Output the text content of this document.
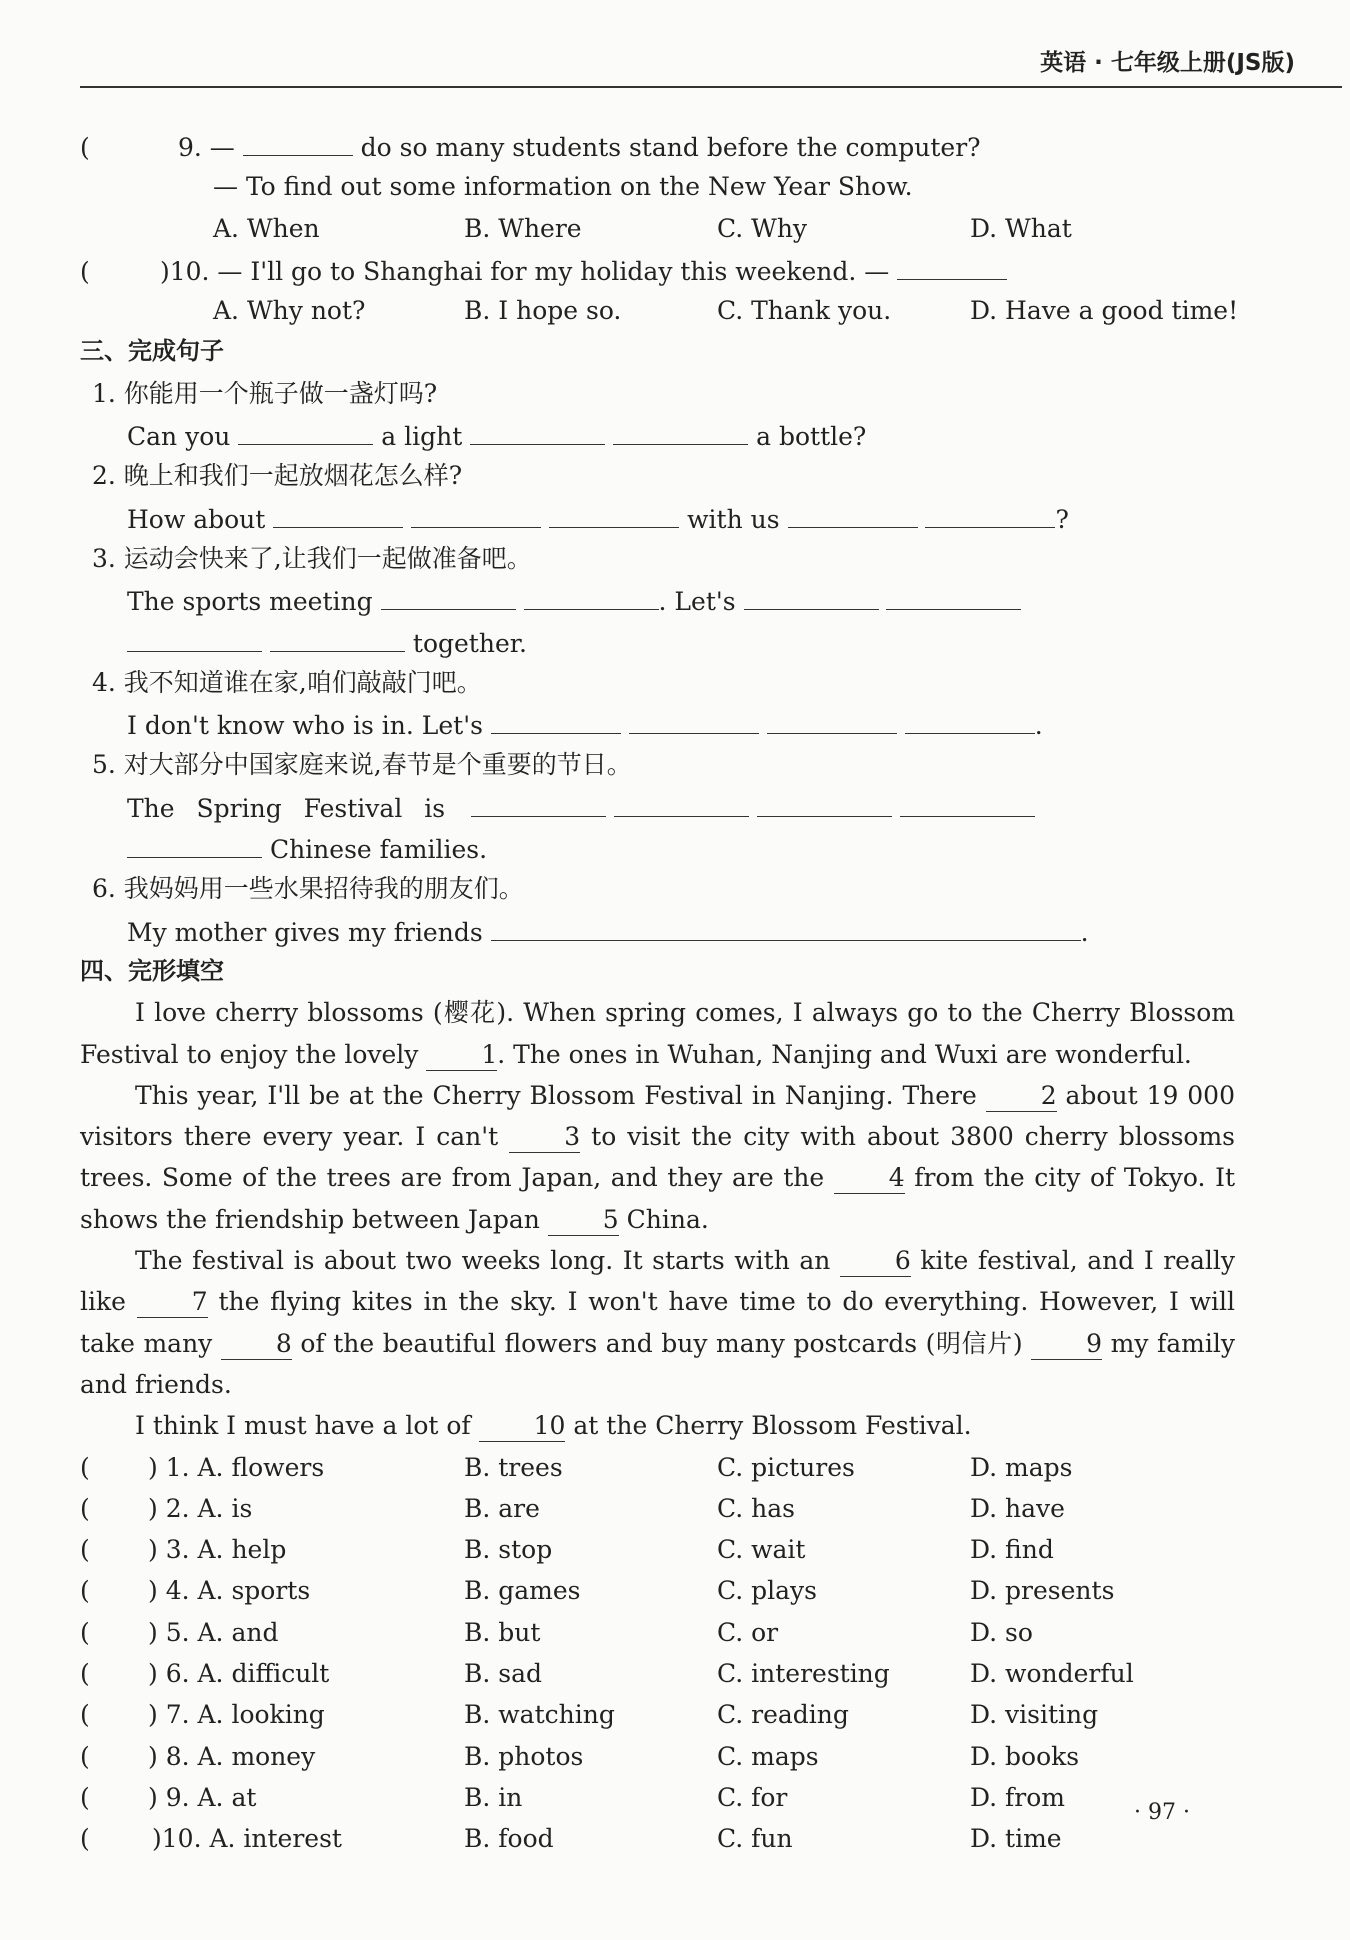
英语 · 七年级上册(JS版)
(	9. —	do so many students stand before the computer?
— To find out some information on the New Year Show.
A. When	B. Where	C. Why	D. What
(	)10. — I'll go to Shanghai for my holiday this weekend. —
A. Why not?	B. I hope so.	C. Thank you.	D. Have a good time!
三、完成句子
1. 你能用一个瓶子做一盏灯吗?
Can you	a light	a bottle?
2. 晚上和我们一起放烟花怎么样?
How about	with us	?
3. 运动会快来了,让我们一起做准备吧。
The sports meeting	. Let's
together.
4. 我不知道谁在家,咱们敲敲门吧。
I don't know who is in. Let's	.
5. 对大部分中国家庭来说,春节是个重要的节日。
The Spring Festival is
Chinese families.
6. 我妈妈用一些水果招待我的朋友们。
My mother gives my friends	.
四、完形填空
I love cherry blossoms (樱花). When spring comes, I always go to the Cherry Blossom Festival to enjoy the lovely	1. The ones in Wuhan, Nanjing and Wuxi are wonderful.
This year, I'll be at the Cherry Blossom Festival in Nanjing. There	2 about 19 000 visitors there every year. I can't	3 to visit the city with about 3800 cherry blossoms trees. Some of the trees are from Japan, and they are the	4 from the city of Tokyo. It shows the friendship between Japan	5 China.
The festival is about two weeks long. It starts with an	6 kite festival, and I really like	7 the flying kites in the sky. I won't have time to do everything. However, I will take many	8 of the beautiful flowers and buy many postcards (明信片)	9 my family and friends.
I think I must have a lot of	10 at the Cherry Blossom Festival.
( ) 1. A. flowers	B. trees	C. pictures	D. maps
( ) 2. A. is	B. are	C. has	D. have
( ) 3. A. help	B. stop	C. wait	D. find
( ) 4. A. sports	B. games	C. plays	D. presents
( ) 5. A. and	B. but	C. or	D. so
( ) 6. A. difficult	B. sad	C. interesting	D. wonderful
( ) 7. A. looking	B. watching	C. reading	D. visiting
( ) 8. A. money	B. photos	C. maps	D. books
( ) 9. A. at	B. in	C. for	D. from
( )10. A. interest	B. food	C. fun	D. time
· 97 ·
